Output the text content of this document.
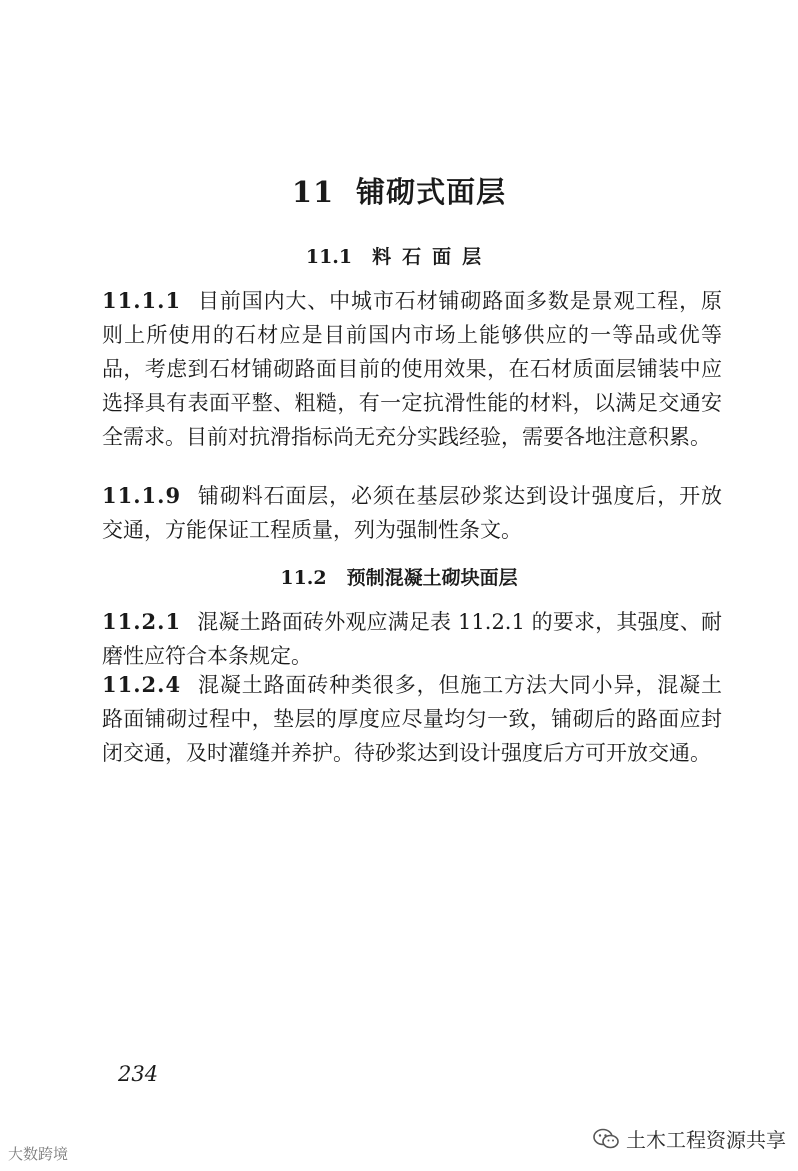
11 铺砌式面层
11.1 料石面层
11.1.1 目前国内大、中城市石材铺砌路面多数是景观工程，原则上所使用的石材应是目前国内市场上能够供应的一等品或优等品，考虑到石材铺砌路面目前的使用效果，在石材质面层铺装中应选择具有表面平整、粗糙，有一定抗滑性能的材料，以满足交通安全需求。目前对抗滑指标尚无充分实践经验，需要各地注意积累。
11.1.9 铺砌料石面层，必须在基层砂浆达到设计强度后，开放交通，方能保证工程质量，列为强制性条文。
11.2 预制混凝土砌块面层
11.2.1 混凝土路面砖外观应满足表 11.2.1 的要求，其强度、耐磨性应符合本条规定。
11.2.4 混凝土路面砖种类很多，但施工方法大同小异，混凝土路面铺砌过程中，垫层的厚度应尽量均匀一致，铺砌后的路面应封闭交通，及时灌缝并养护。待砂浆达到设计强度后方可开放交通。
234
大数跨境
土木工程资源共享
